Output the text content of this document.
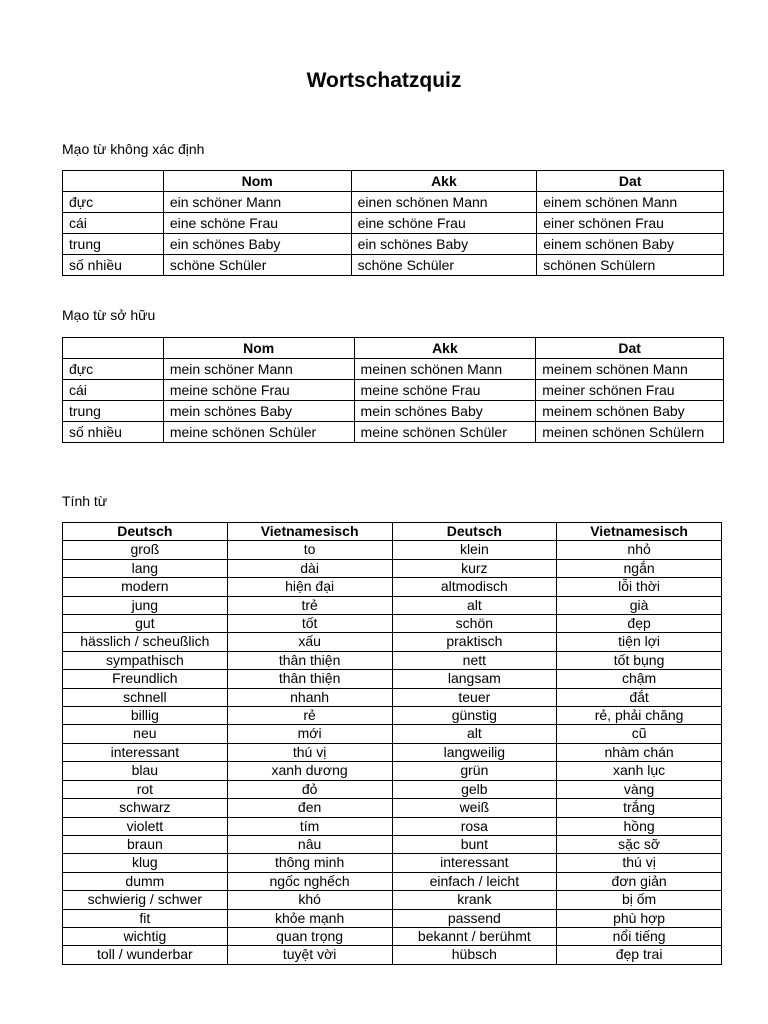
Wortschatzquiz
Mạo từ không xác định
	Nom	Akk	Dat
đực	ein schöner Mann	einen schönen Mann	einem schönen Mann
cái	eine schöne Frau	eine schöne Frau	einer schönen Frau
trung	ein schönes Baby	ein schönes Baby	einem schönen Baby
số nhiều	schöne Schüler	schöne Schüler	schönen Schülern
Mạo từ sở hữu
	Nom	Akk	Dat
đực	mein schöner Mann	meinen schönen Mann	meinem schönen Mann
cái	meine schöne Frau	meine schöne Frau	meiner schönen Frau
trung	mein schönes Baby	mein schönes Baby	meinem schönen Baby
số nhiều	meine schönen Schüler	meine schönen Schüler	meinen schönen Schülern
Tính từ
Deutsch	Vietnamesisch	Deutsch	Vietnamesisch
groß	to	klein	nhỏ
lang	dài	kurz	ngắn
modern	hiện đại	altmodisch	lỗi thời
jung	trẻ	alt	già
gut	tốt	schön	đẹp
hässlich / scheußlich	xấu	praktisch	tiện lợi
sympathisch	thân thiện	nett	tốt bụng
Freundlich	thân thiện	langsam	chậm
schnell	nhanh	teuer	đắt
billig	rẻ	günstig	rẻ, phải chăng
neu	mới	alt	cũ
interessant	thú vị	langweilig	nhàm chán
blau	xanh dương	grün	xanh lục
rot	đỏ	gelb	vàng
schwarz	đen	weiß	trắng
violett	tím	rosa	hồng
braun	nâu	bunt	sặc sỡ
klug	thông minh	interessant	thú vị
dumm	ngốc nghếch	einfach / leicht	đơn giản
schwierig / schwer	khó	krank	bị ốm
fit	khỏe mạnh	passend	phù hợp
wichtig	quan trọng	bekannt / berühmt	nổi tiếng
toll / wunderbar	tuyệt vời	hübsch	đẹp trai
